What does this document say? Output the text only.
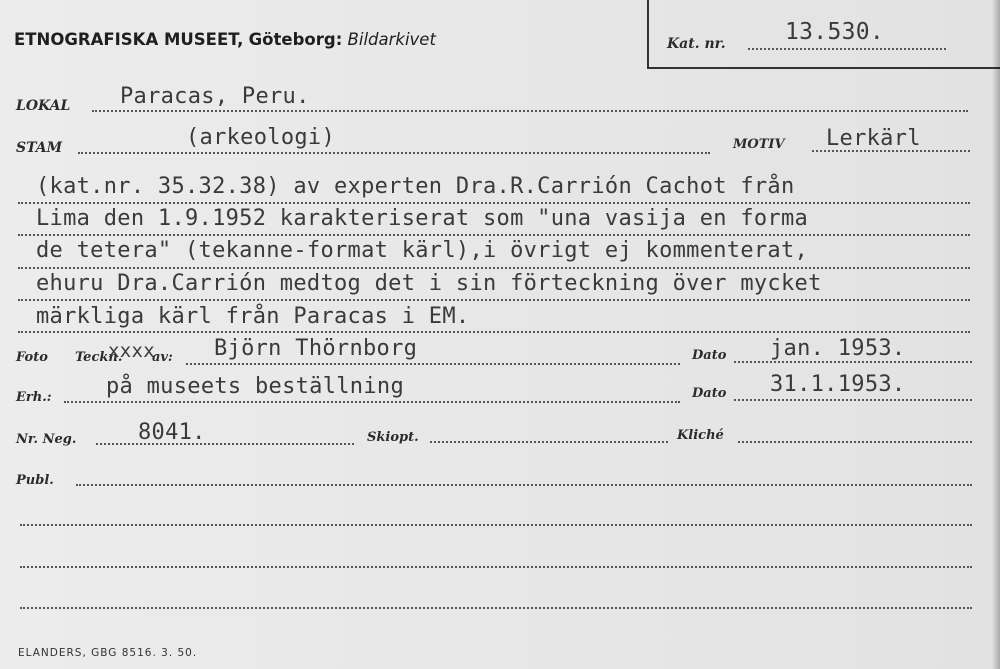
ETNOGRAFISKA MUSEET, Göteborg: Bildarkivet	Kat. nr.	13.530.
LOKAL Paracas, Peru.
STAM	(arkeologi)	MOTIV Lerkärl
(kat.nr. 35.32.38) av experten Dra.R.Carrión Cachot från
Lima den 1.9.1952 karakteriserat som "una vasija en forma
de tetera" (tekanne-format kärl),i övrigt ej kommenterat,
ehuru Dra.Carrión medtog det i sin förteckning över mycket
märkliga kärl från Paracas i EM.
Foto Teckn.
xxxx
av: Björn Thörnborg	Dato jan. 1953.
Erh.: på museets beställning	Dato 31.1.1953.
Nr. Neg.	8041.	Skiopt.	Kliché
Publ.
ELANDERS, GBG 8516. 3. 50.
